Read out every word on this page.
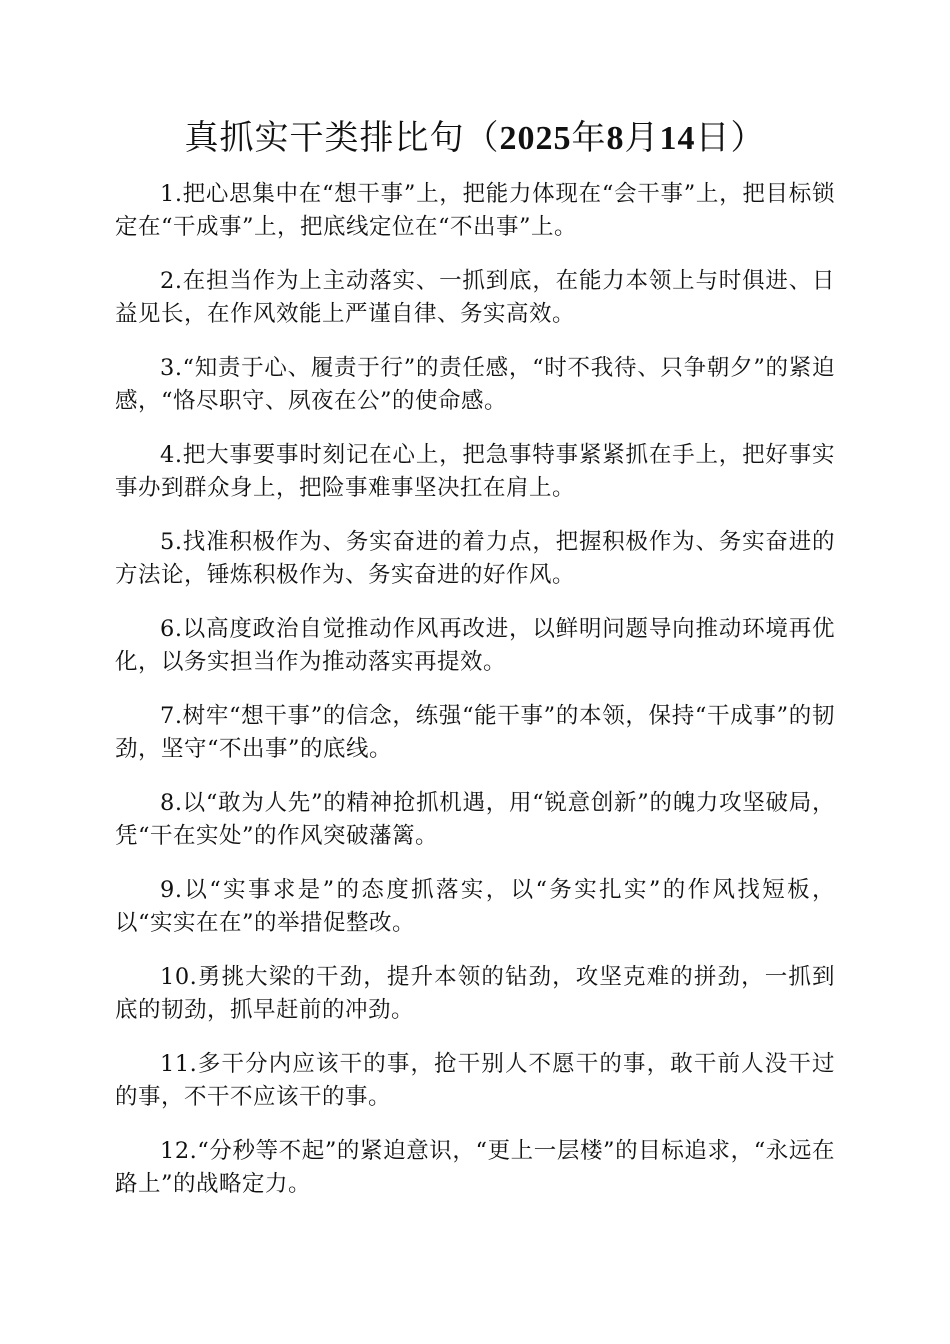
真抓实干类排比句（2025年8月14日）

1.把心思集中在“想干事”上，把能力体现在“会干事”上，把目标锁定在“干成事”上，把底线定位在“不出事”上。

2.在担当作为上主动落实、一抓到底，在能力本领上与时俱进、日益见长，在作风效能上严谨自律、务实高效。

3.“知责于心、履责于行”的责任感，“时不我待、只争朝夕”的紧迫感，“恪尽职守、夙夜在公”的使命感。

4.把大事要事时刻记在心上，把急事特事紧紧抓在手上，把好事实事办到群众身上，把险事难事坚决扛在肩上。

5.找准积极作为、务实奋进的着力点，把握积极作为、务实奋进的方法论，锤炼积极作为、务实奋进的好作风。

6.以高度政治自觉推动作风再改进，以鲜明问题导向推动环境再优化，以务实担当作为推动落实再提效。

7.树牢“想干事”的信念，练强“能干事”的本领，保持“干成事”的韧劲，坚守“不出事”的底线。

8.以“敢为人先”的精神抢抓机遇，用“锐意创新”的魄力攻坚破局，凭“干在实处”的作风突破藩篱。

9.以“实事求是”的态度抓落实，以“务实扎实”的作风找短板，以“实实在在”的举措促整改。

10.勇挑大梁的干劲，提升本领的钻劲，攻坚克难的拼劲，一抓到底的韧劲，抓早赶前的冲劲。

11.多干分内应该干的事，抢干别人不愿干的事，敢干前人没干过的事，不干不应该干的事。

12.“分秒等不起”的紧迫意识，“更上一层楼”的目标追求，“永远在路上”的战略定力。
